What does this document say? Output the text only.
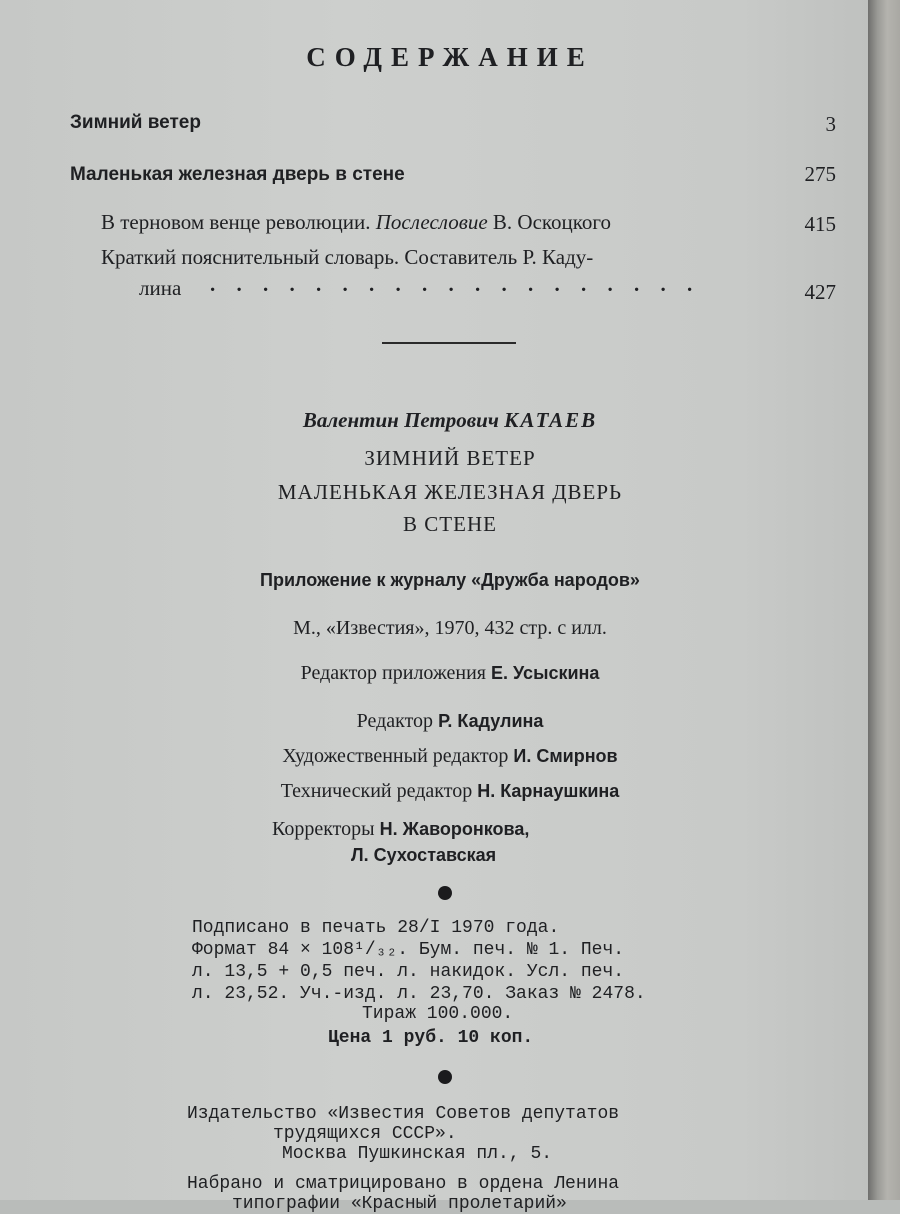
СОДЕРЖАНИЕ
Зимний ветер	3
Маленькая железная дверь в стене	275
В терновом венце революции. Послесловие В. Оскоцкого	415
Краткий пояснительный словарь. Составитель Р. Каду-
лина . . . . . . . . . . . . . . . . . . .	427
Валентин Петрович КАТАЕВ
ЗИМНИЙ ВЕТЕР
МАЛЕНЬКАЯ ЖЕЛЕЗНАЯ ДВЕРЬ
В СТЕНЕ
Приложение к журналу «Дружба народов»
М., «Известия», 1970, 432 стр. с илл.
Редактор приложения Е. Усыскина
Редактор Р. Кадулина
Художественный редактор И. Смирнов
Технический редактор Н. Карнаушкина
Корректоры Н. Жаворонкова,
Л. Сухоставская
Подписано в печать 28/I 1970 года.
Формат 84 × 108¹/₃₂. Бум. печ. № 1. Печ.
л. 13,5 + 0,5 печ. л. накидок. Усл. печ.
л. 23,52. Уч.-изд. л. 23,70. Заказ № 2478.
Тираж 100.000.
Цена 1 руб. 10 коп.
Издательство «Известия Советов депутатов
трудящихся СССР».
Москва Пушкинская пл., 5.
Набрано и сматрицировано в ордена Ленина
типографии «Красный пролетарий»
